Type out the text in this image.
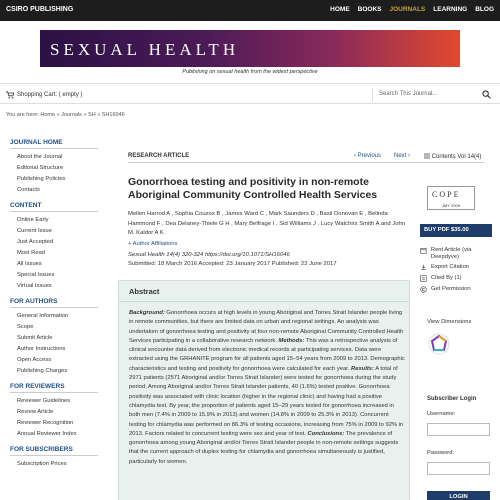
CSIRO PUBLISHING	HOME BOOKS JOURNALS LEARNING BLOG
SEXUAL HEALTH
Publishing on sexual health from the widest perspective
Shopping Cart: ( empty )	Search This Journal...
You are here: Home » Journals » SH » SH16046
JOURNAL HOME
About the Journal
Editorial Structure
Publishing Policies
Contacts
CONTENT
Online Early
Current Issue
Just Accepted
Most Read
All Issues
Special Issues
Virtual Issues
FOR AUTHORS
General Information
Scope
Submit Article
Author Instructions
Open Access
Publishing Charges
FOR REVIEWERS
Reviewer Guidelines
Review Article
Reviewer Recognition
Annual Reviewer Index
FOR SUBSCRIBERS
Subscription Prices
RESEARCH ARTICLE	‹ Previous Next ›	Contents Vol 14(4)
Gonorrhoea testing and positivity in non-remote Aboriginal Community Controlled Health Services
Mellen Harrod A , Sophia Couzos B , James Ward C , Mark Saunders D , Basil Donovan E , Belinda Hammond F , Dea Delaney-Thiele G H , Mary Belfrage I , Sid Williams J , Lucy Watchirs Smith A and John M. Kaldor A K
+ Author Affiliations
Sexual Health 14(4) 320-324 https://doi.org/10.1071/SH16046
Submitted: 18 March 2016 Accepted: 23 January 2017 Published: 23 June 2017
Abstract

Background: Gonorrhoea occurs at high levels in young Aboriginal and Torres Strait Islander people living in remote communities, but there are limited data on urban and regional settings. An analysis was undertaken of gonorrhoea testing and positivity at four non-remote Aboriginal Community Controlled Health Services participating in a collaborative research network. Methods: This was a retrospective analysis of clinical encounter data derived from electronic medical records at participating services. Data were extracted using the GRHANITE program for all patients aged 15–54 years from 2009 to 2013. Demographic characteristics and testing and positivity for gonorrhoea were calculated for each year. Results: A total of 2971 patients (2571 Aboriginal and/or Torres Strait Islander) were tested for gonorrhoea during the study period. Among Aboriginal and/or Torres Strait Islander patients, 40 (1.6%) tested positive. Gonorrhoea positivity was associated with clinic location (higher in the regional clinic) and having had a positive chlamydia test. By year, the proportion of patients aged 15–29 years tested for gonorrhoea increased in both men (7.4% in 2009 to 15.9% in 2013) and women (14.8% in 2009 to 25.3% in 2013). Concurrent testing for chlamydia was performed on 86.3% of testing occasions, increasing from 75% in 2009 to 92% in 2013. Factors related to concurrent testing were sex and year of test. Conclusions: The prevalence of gonorrhoea among young Aboriginal and/or Torres Strait Islander people in non-remote settings suggests that the current approach of duplex testing for chlamydia and gonorrhoea simultaneously is justified, particularly for women.

COPE
JMY 2009
BUY PDF $35.00
Rent Article (via Deepdyve)
Export Citation
Cited By (1)
Get Permission
View Dimensions
Subscriber Login
Username:
Password:
LOGIN
